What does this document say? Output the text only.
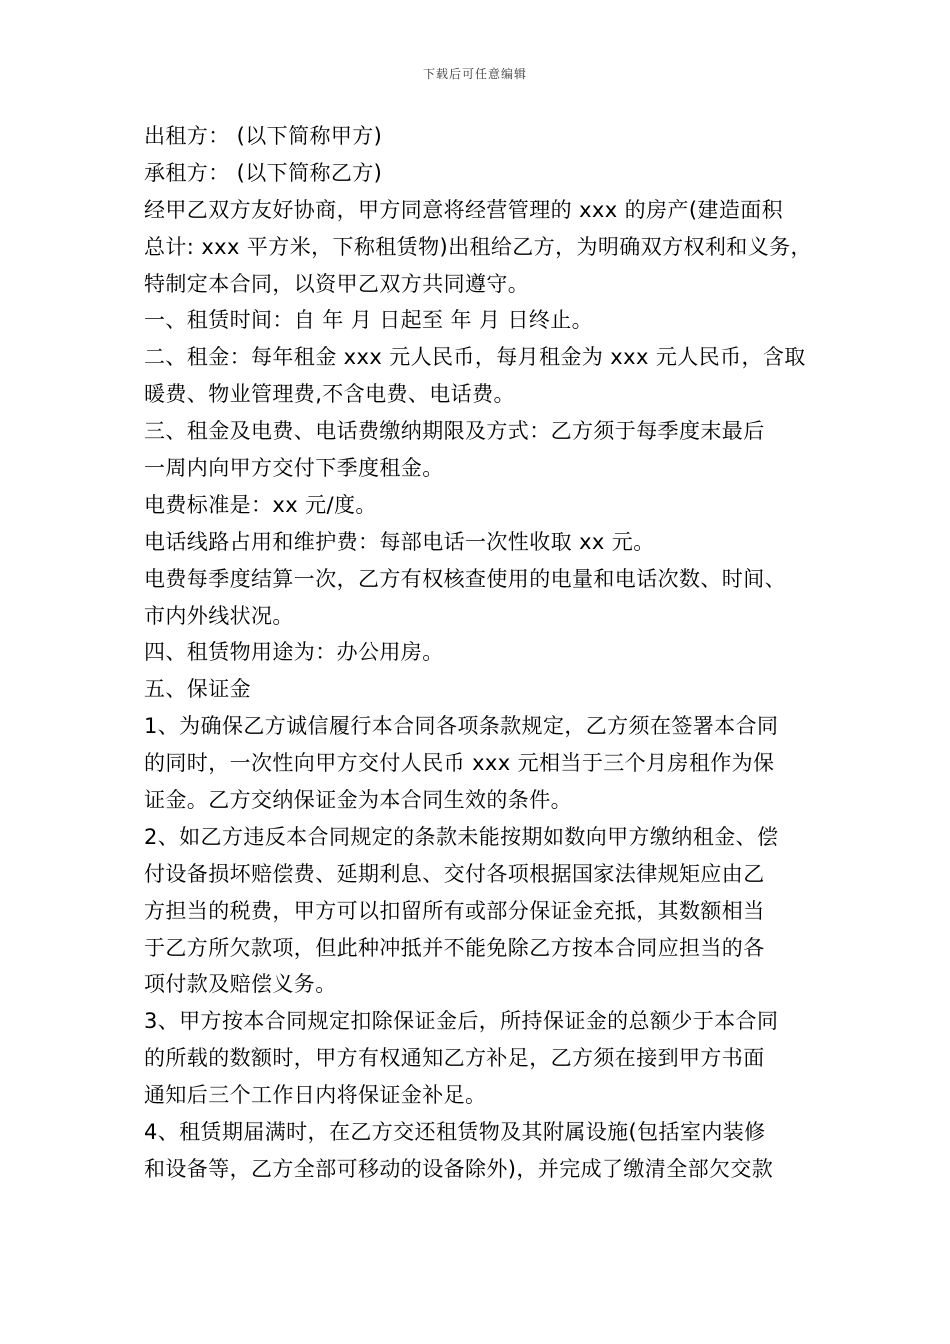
下载后可任意编辑
出租方： (以下简称甲方)
承租方： (以下简称乙方)
经甲乙双方友好协商，甲方同意将经营管理的 xxx 的房产(建造面积
总计: xxx 平方米，下称租赁物)出租给乙方，为明确双方权利和义务，
特制定本合同，以资甲乙双方共同遵守。
一、租赁时间：自 年 月 日起至 年 月 日终止。
二、租金：每年租金 xxx 元人民币，每月租金为 xxx 元人民币，含取
暖费、物业管理费,不含电费、电话费。
三、租金及电费、电话费缴纳期限及方式：乙方须于每季度末最后
一周内向甲方交付下季度租金。
电费标准是：xx 元/度。
电话线路占用和维护费：每部电话一次性收取 xx 元。
电费每季度结算一次，乙方有权核查使用的电量和电话次数、时间、
市内外线状况。
四、租赁物用途为：办公用房。
五、保证金
1、为确保乙方诚信履行本合同各项条款规定，乙方须在签署本合同
的同时，一次性向甲方交付人民币 xxx 元相当于三个月房租作为保
证金。乙方交纳保证金为本合同生效的条件。
2、如乙方违反本合同规定的条款未能按期如数向甲方缴纳租金、偿
付设备损坏赔偿费、延期利息、交付各项根据国家法律规矩应由乙
方担当的税费，甲方可以扣留所有或部分保证金充抵，其数额相当
于乙方所欠款项，但此种冲抵并不能免除乙方按本合同应担当的各
项付款及赔偿义务。
3、甲方按本合同规定扣除保证金后，所持保证金的总额少于本合同
的所载的数额时，甲方有权通知乙方补足，乙方须在接到甲方书面
通知后三个工作日内将保证金补足。
4、租赁期届满时，在乙方交还租赁物及其附属设施(包括室内装修
和设备等，乙方全部可移动的设备除外)，并完成了缴清全部欠交款
